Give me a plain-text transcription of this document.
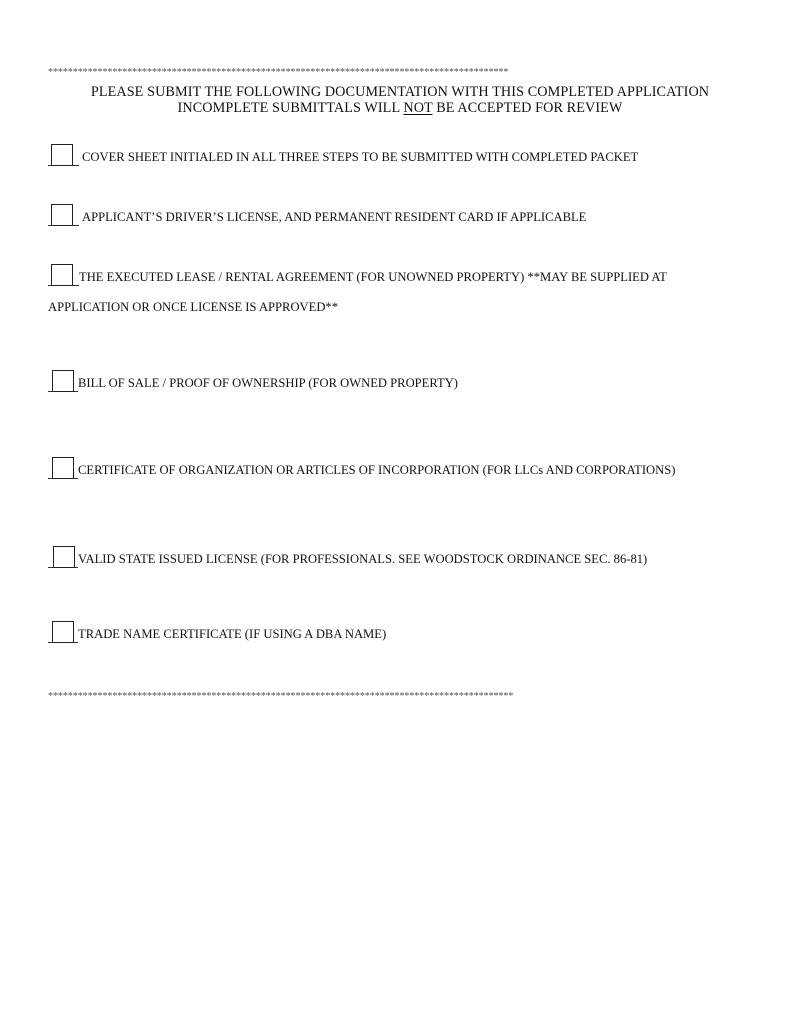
*********************************************************************************************
PLEASE SUBMIT THE FOLLOWING DOCUMENTATION WITH THIS COMPLETED APPLICATION
INCOMPLETE SUBMITTALS WILL NOT BE ACCEPTED FOR REVIEW
COVER SHEET INITIALED IN ALL THREE STEPS TO BE SUBMITTED WITH COMPLETED PACKET
APPLICANT’S DRIVER’S LICENSE, AND PERMANENT RESIDENT CARD IF APPLICABLE
THE EXECUTED LEASE / RENTAL AGREEMENT (FOR UNOWNED PROPERTY) **MAY BE SUPPLIED AT
APPLICATION OR ONCE LICENSE IS APPROVED**
BILL OF SALE / PROOF OF OWNERSHIP (FOR OWNED PROPERTY)
CERTIFICATE OF ORGANIZATION OR ARTICLES OF INCORPORATION (FOR LLCs AND CORPORATIONS)
VALID STATE ISSUED LICENSE (FOR PROFESSIONALS. SEE WOODSTOCK ORDINANCE SEC. 86-81)
TRADE NAME CERTIFICATE (IF USING A DBA NAME)
**********************************************************************************************
